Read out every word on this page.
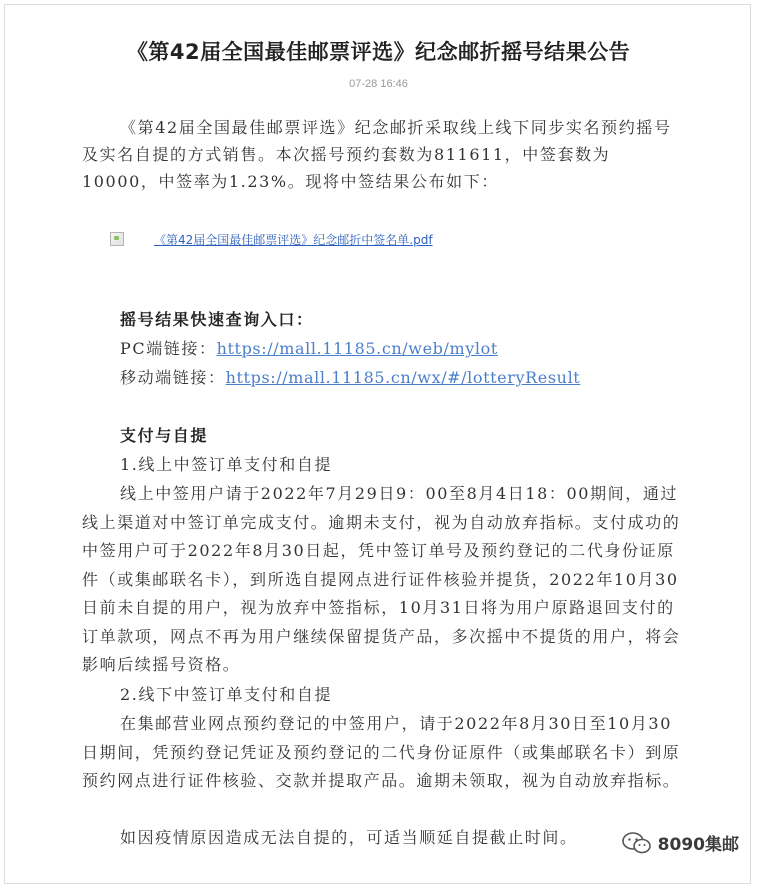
《第42届全国最佳邮票评选》纪念邮折摇号结果公告
07-28 16:46

《第42届全国最佳邮票评选》纪念邮折采取线上线下同步实名预约摇号及实名自提的方式销售。本次摇号预约套数为811611，中签套数为10000，中签率为1.23%。现将中签结果公布如下：

《第42届全国最佳邮票评选》纪念邮折中签名单.pdf
摇号结果快速查询入口：
PC端链接：https://mall.11185.cn/web/mylot
移动端链接：https://mall.11185.cn/wx/#/lotteryResult
支付与自提
1.线上中签订单支付和自提

线上中签用户请于2022年7月29日9：00至8月4日18：00期间，通过线上渠道对中签订单完成支付。逾期未支付，视为自动放弃指标。支付成功的中签用户可于2022年8月30日起，凭中签订单号及预约登记的二代身份证原件（或集邮联名卡），到所选自提网点进行证件核验并提货，2022年10月30日前未自提的用户，视为放弃中签指标，10月31日将为用户原路退回支付的订单款项，网点不再为用户继续保留提货产品，多次摇中不提货的用户，将会影响后续摇号资格。

2.线下中签订单支付和自提

在集邮营业网点预约登记的中签用户，请于2022年8月30日至10月30日期间，凭预约登记凭证及预约登记的二代身份证原件（或集邮联名卡）到原预约网点进行证件核验、交款并提取产品。逾期未领取，视为自动放弃指标。

如因疫情原因造成无法自提的，可适当顺延自提截止时间。	8090集邮
